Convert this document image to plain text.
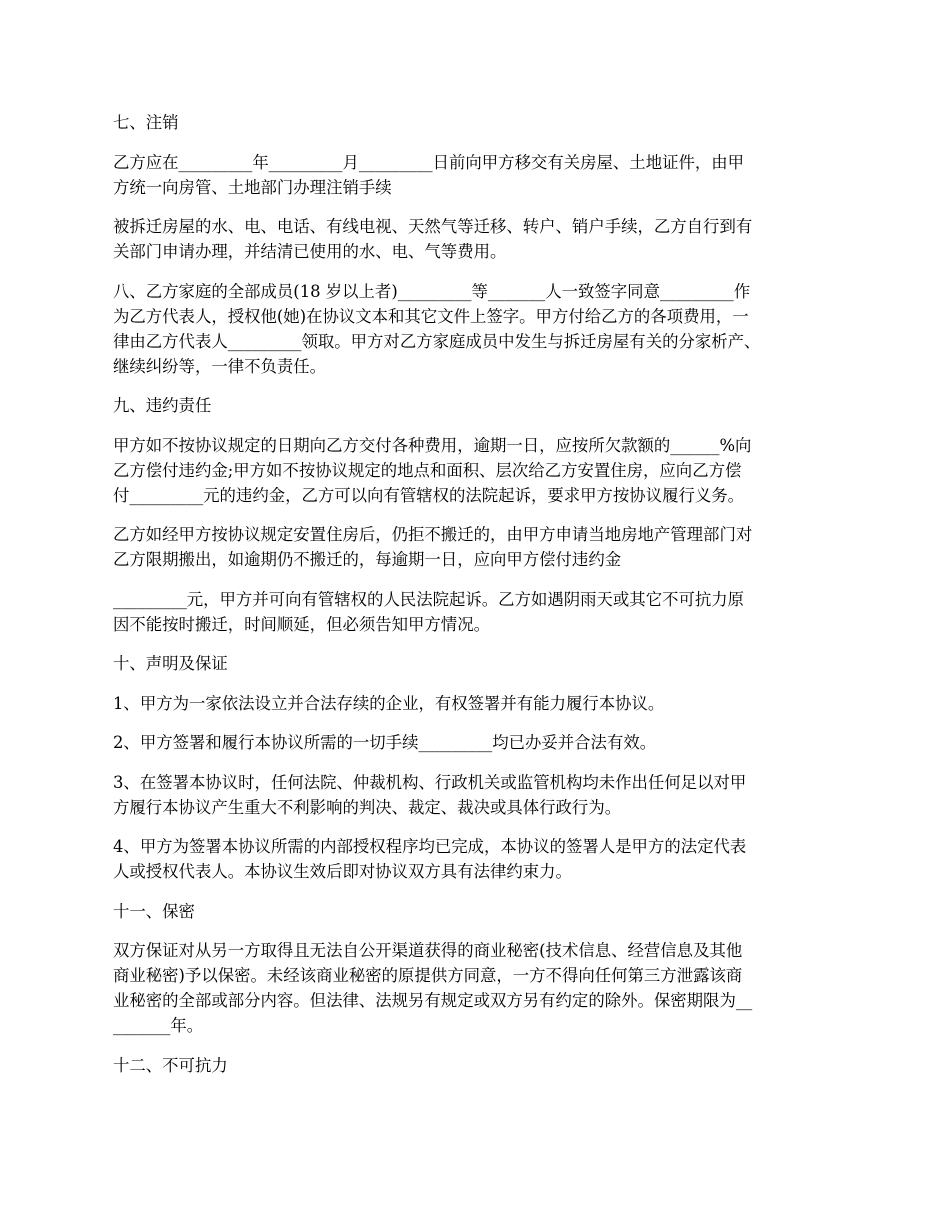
七、注销

乙方应在_________年_________月_________日前向甲方移交有关房屋、土地证件，由甲
方统一向房管、土地部门办理注销手续

被拆迁房屋的水、电、电话、有线电视、天然气等迁移、转户、销户手续，乙方自行到有
关部门申请办理，并结清已使用的水、电、气等费用。

八、乙方家庭的全部成员(18 岁以上者)_________等_______人一致签字同意_________作
为乙方代表人，授权他(她)在协议文本和其它文件上签字。甲方付给乙方的各项费用，一
律由乙方代表人_________领取。甲方对乙方家庭成员中发生与拆迁房屋有关的分家析产、
继续纠纷等，一律不负责任。

九、违约责任

甲方如不按协议规定的日期向乙方交付各种费用，逾期一日，应按所欠款额的______%向
乙方偿付违约金;甲方如不按协议规定的地点和面积、层次给乙方安置住房，应向乙方偿
付_________元的违约金，乙方可以向有管辖权的法院起诉，要求甲方按协议履行义务。

乙方如经甲方按协议规定安置住房后，仍拒不搬迁的，由甲方申请当地房地产管理部门对
乙方限期搬出，如逾期仍不搬迁的，每逾期一日，应向甲方偿付违约金

_________元，甲方并可向有管辖权的人民法院起诉。乙方如遇阴雨天或其它不可抗力原
因不能按时搬迁，时间顺延，但必须告知甲方情况。

十、声明及保证

1、甲方为一家依法设立并合法存续的企业，有权签署并有能力履行本协议。

2、甲方签署和履行本协议所需的一切手续_________均已办妥并合法有效。

3、在签署本协议时，任何法院、仲裁机构、行政机关或监管机构均未作出任何足以对甲
方履行本协议产生重大不利影响的判决、裁定、裁决或具体行政行为。

4、甲方为签署本协议所需的内部授权程序均已完成，本协议的签署人是甲方的法定代表
人或授权代表人。本协议生效后即对协议双方具有法律约束力。

十一、保密

双方保证对从另一方取得且无法自公开渠道获得的商业秘密(技术信息、经营信息及其他
商业秘密)予以保密。未经该商业秘密的原提供方同意，一方不得向任何第三方泄露该商
业秘密的全部或部分内容。但法律、法规另有规定或双方另有约定的除外。保密期限为__
_______年。

十二、不可抗力
